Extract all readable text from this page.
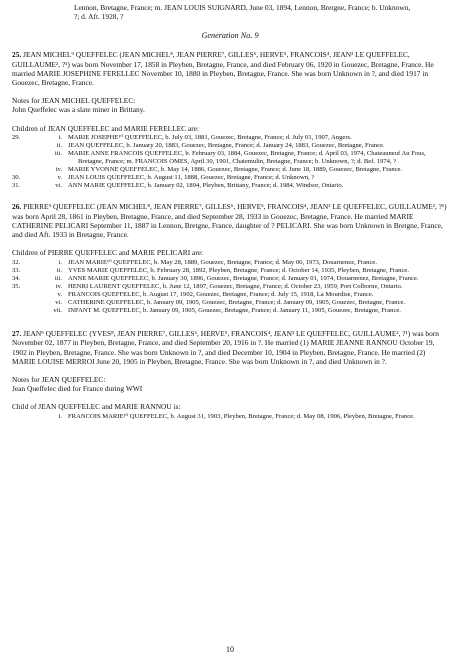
Lennon, Bretagne, France; m. JEAN LOUIS SUIGNARD, June 03, 1894, Lennon, Bretgne, France; b. Unknown, ?; d. Aft. 1928, ?

Generation No. 9

25. JEAN MICHEL⁹ QUEFFELEC (JEAN MICHEL⁸, JEAN PIERRE⁷, GILLES⁶, HERVE⁵, FRANCOIS⁴, JEAN³ LE QUEFFELEC, GUILLAUME², ?¹) was born November 17, 1858 in Pleyben, Bretagne, France, and died February 06, 1920 in Gouezec, Bretagne, France. He married MARIE JOSEPHINE FERELLEC November 10, 1880 in Pleyben, Bretagne, France. She was born Unknown in ?, and died 1917 in Gouezec, Bretagne, France.

Notes for JEAN MICHEL QUEFFELEC:

John Queffelec was a slate miner in Brittany.

Children of JEAN QUEFFELEC and MARIE FERELLEC are:

29.	i. MARIE JOSEPHE¹⁰ QUEFFELEC, b. July 03, 1881, Gouezec, Bretagne, France; d. July 01, 1907, Angers.
ii. JEAN QUEFFELEC, b. January 20, 1883, Gouezec, Bretagne, France; d. January 24, 1883, Gouezec, Bretagne, France.
iii. MARIE ANNE FRANCOIS QUEFFELEC, b. February 03, 1884, Gouezec, Bretagne, France; d. April 03, 1974, Chateauneuf Au Fous, Bretagne, France; m. FRANCOIS OMES, April 30, 1901, Chatemulin, Bretagne, France; b. Unknown, ?; d. Bef. 1974, ?
iv. MARIE YVONNE QUEFFELEC, b. May 14, 1886, Gouezec, Bretagne, France; d. June 18, 1889, Gouezec, Bretagne, France.
30.	v. JEAN LOUIS QUEFFELEC, b. August 11, 1888, Gouezec, Bretagne, France; d. Unknown, ?
31.	vi. ANN MARIE QUEFFELEC, b. January 02, 1894, Pleyben, Brittany, France; d. 1984, Windsor, Ontario.

26. PIERRE⁹ QUEFFELEC (JEAN MICHEL⁸, JEAN PIERRE⁷, GILLES⁶, HERVE⁵, FRANCOIS⁴, JEAN³ LE QUEFFELEC, GUILLAUME², ?¹) was born April 28, 1861 in Pleyben, Bretagne, France, and died September 28, 1933 in Gouezec, Bretagne, France. He married MARIE CATHERINE PELICARI September 11, 1887 in Lennon, Bretgne, France, daughter of ? PELICARI. She was born Unknown in Bretgne, France, and died Aft. 1933 in Bretagne, France.

Children of PIERRE QUEFFELEC and MARIE PELICARI are:

32.	i. JEAN MARIE¹⁰ QUEFFELEC, b. May 28, 1889, Gouezec, Bretagne, France; d. May 06, 1973, Douarnenez, France.
33.	ii. YVES MARIE QUEFFELEC, b. February 28, 1892, Pleyben, Bretagne, France; d. October 14, 1935, Pleyben, Bretagne, France.
34.	iii. ANNE MARIE QUEFFELEC, b. January 30, 1896, Gouezec, Bretagne, France; d. January 01, 1974, Douarnenez, Bretagne, France.
35.	iv. HENRI LAURENT QUEFFELEC, b. June 12, 1897, Gouezec, Bretagne, France; d. October 23, 1959, Port Colborne, Ontario.
v. FRANCOIS QUEFFELEC, b. August 17, 1902, Gouezec, Bretagne, France; d. July 15, 1918, La Mourdise, France.
vi. CATHERINE QUEFFELEC, b. January 09, 1905, Gouezec, Bretagne, France; d. January 09, 1905, Gouezec, Bretagne, France.
vii. INFANT M. QUEFFELEC, b. January 09, 1905, Gouezec, Bretagne, France; d. January 11, 1905, Gouezec, Bretagne, France.

27. JEAN⁹ QUEFFELEC (YVES⁸, JEAN PIERRE⁷, GILLES⁶, HERVE⁵, FRANCOIS⁴, JEAN³ LE QUEFFELEC, GUILLAUME², ?¹) was born November 02, 1877 in Pleyben, Bretagne, France, and died September 20, 1916 in ?. He married (1) MARIE JEANNE RANNOU October 19, 1902 in Pleyben, Bretagne, France. She was born Unknown in ?, and died December 10, 1904 in Pleyben, Bretagne, France. He married (2) MARIE LOUISE MERROI June 20, 1905 in Pleyben, Bretagne, France. She was born Unknown in ?, and died Unknown in ?.

Notes for JEAN QUEFFELEC:

Jean Queffelec died for France during WWI

Child of JEAN QUEFFELEC and MARIE RANNOU is:

i. FRANCOIS MARIE¹⁰ QUEFFELEC, b. August 31, 1903, Pleyben, Bretagne, France; d. May 08, 1906, Pleyben, Bretagne, France.
10
